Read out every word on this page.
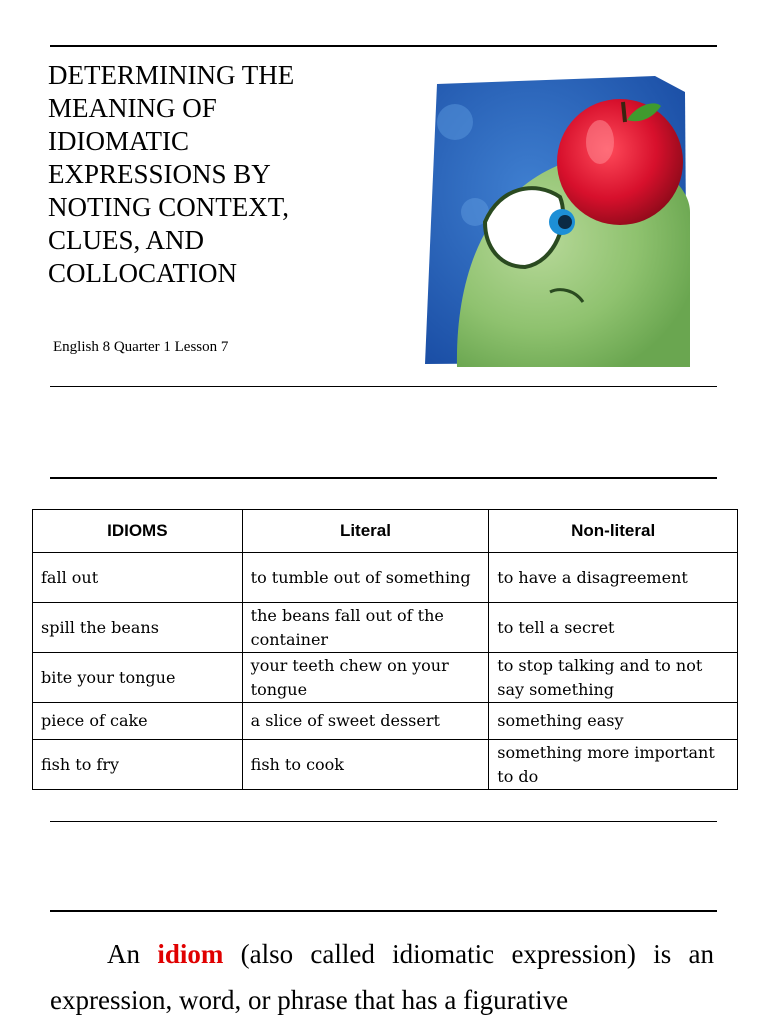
DETERMINING THE
MEANING OF
IDIOMATIC
EXPRESSIONS BY
NOTING CONTEXT,
CLUES, AND
COLLOCATION
English 8 Quarter 1 Lesson 7
IDIOMS	Literal	Non-literal
fall out	to tumble out of something	to have a disagreement
spill the beans	the beans fall out of the container	to tell a secret
bite your tongue	your teeth chew on your tongue	to stop talking and to not say something
piece of cake	a slice of sweet dessert	something easy
fish to fry	fish to cook	something more important to do
An idiom (also called idiomatic expression) is an expression, word, or phrase that has a figurative
